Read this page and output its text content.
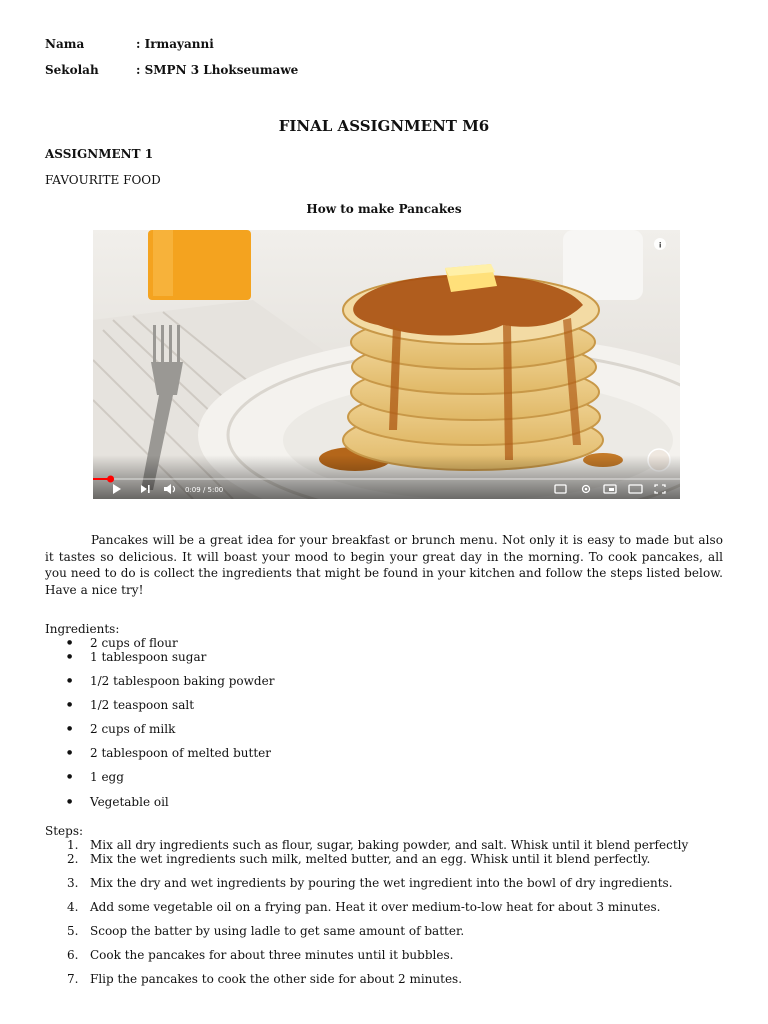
Nama	: Irmayanni
Sekolah	: SMPN 3 Lhokseumawe
FINAL ASSIGNMENT M6
ASSIGNMENT 1
FAVOURITE FOOD
How to make Pancakes
i
0:09 / 5:00
Pancakes will be a great idea for your breakfast or brunch menu. Not only it is easy to made but also it tastes so delicious. It will boast your mood to begin your great day in the morning. To cook pancakes, all you need to do is collect the ingredients that might be found in your kitchen and follow the steps listed below. Have a nice try!
Ingredients:
● 2 cups of flour
● 1 tablespoon sugar
● 1/2 tablespoon baking powder
● 1/2 teaspoon salt
● 2 cups of milk
● 2 tablespoon of melted butter
● 1 egg
● Vegetable oil
Steps:
1. Mix all dry ingredients such as flour, sugar, baking powder, and salt. Whisk until it blend perfectly
2. Mix the wet ingredients such milk, melted butter, and an egg. Whisk until it blend perfectly.
3. Mix the dry and wet ingredients by pouring the wet ingredient into the bowl of dry ingredients.
4. Add some vegetable oil on a frying pan. Heat it over medium-to-low heat for about 3 minutes.
5. Scoop the batter by using ladle to get same amount of batter.
6. Cook the pancakes for about three minutes until it bubbles.
7. Flip the pancakes to cook the other side for about 2 minutes.
